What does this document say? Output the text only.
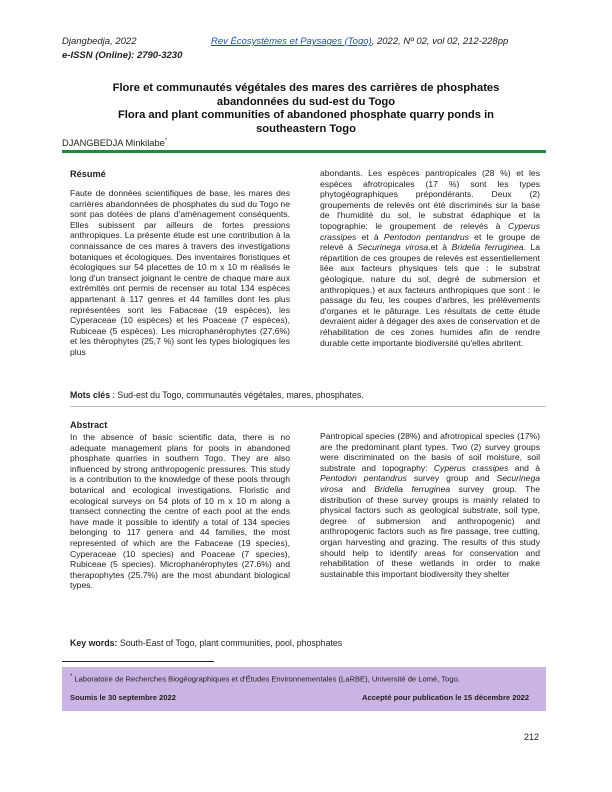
Djangbedja, 2022	Rev Écosystèmes et Paysages (Togo), 2022, Nº 02, vol 02, 212-228pp
e-ISSN (Online): 2790-3230
Flore et communautés végétales des mares des carrières de phosphates
abandonnées du sud-est du Togo
Flora and plant communities of abandoned phosphate quarry ponds in
southeastern Togo
DJANGBEDJA Minkilabe*
Résumé

Faute de données scientifiques de base, les mares des carrières abandonnées de phosphates du sud du Togo ne sont pas dotées de plans d'aménagement conséquents. Elles subissent par ailleurs de fortes pressions anthropiques. La présente étude est une contribution à la connaissance de ces mares à travers des investigations botaniques et écologiques. Des inventaires floristiques et écologiques sur 54 placettes de 10 m x 10 m réalisés le long d'un transect joignant le centre de chaque mare aux extrémités ont permis de recenser au total 134 espèces appartenant à 117 genres et 44 familles dont les plus représentées sont les Fabaceae (19 espèces), les Cyperaceae (10 espèces) et les Poaceae (7 espèces), Rubiceae (5 espèces). Les microphanérophytes (27,6%) et les thérophytes (25,7 %) sont les types biologiques les plus

abondants. Les espèces pantropicales (28 %) et les espèces afrotropicales (17 %) sont les types phytogéographiques prépondérants. Deux (2) groupements de relevés ont été discriminés sur la base de l'humidité du sol, le substrat édaphique et la topographie: le groupement de relevés à Cyperus crassipes et à Pentodon pentandrus et le groupe de relevé à Securinega virosa.et à Bridelia ferruginea. La répartition de ces groupes de relevés est essentiellement liée aux facteurs physiques tels que : le substrat géologique, nature du sol, degré de submersion et anthropiques.) et aux facteurs anthropiques que sont : le passage du feu, les coupes d'arbres, les prélèvements d'organes et le pâturage. Les résultats de cette étude devraient aider à dégager des axes de conservation et de réhabilitation de ces zones humides afin de rendre durable cette importante biodiversité qu'elles abritent.

Mots clés : Sud-est du Togo, communautés végétales, mares, phosphates.
Abstract

In the absence of basic scientific data, there is no adequate management plans for pools in abandoned phosphate quarries in southern Togo. They are also influenced by strong anthropogenic pressures. This study is a contribution to the knowledge of these pools through botanical and ecological investigations. Floristic and ecological surveys on 54 plots of 10 m x 10 m along a transect connecting the centre of each pool at the ends have made it possible to identify a total of 134 species belonging to 117 genera and 44 families, the most represented of which are the Fabaceae (19 species), Cyperaceae (10 species) and Poaceae (7 species), Rubiceae (5 species). Microphanérophytes (27.6%) and therapophytes (25.7%) are the most abundant biological types.

Pantropical species (28%) and afrotropical species (17%) are the predominant plant types. Two (2) survey groups were discriminated on the basis of soil moisture, soil substrate and topography: Cyperus crassipes and à Pentodon pentandrus survey group and Securinega virosa and Bridelia ferruginea survey group. The distribution of these survey groups is mainly related to physical factors such as geological substrate, soil type, degree of submersion and anthropogenic) and anthropogenic factors such as fire passage, tree cutting, organ harvesting and grazing. The results of this study should help to identify areas for conservation and rehabilitation of these wetlands in order to make sustainable this important biodiversity they shelter

Key words: South-East of Togo, plant communities, pool, phosphates
* Laboratoire de Recherches Biogéographiques et d'Études Environnementales (LaRBE), Université de Lomé, Togo.
Soumis le 30 septembre 2022	Accepté pour publication le 15 décembre 2022
212
